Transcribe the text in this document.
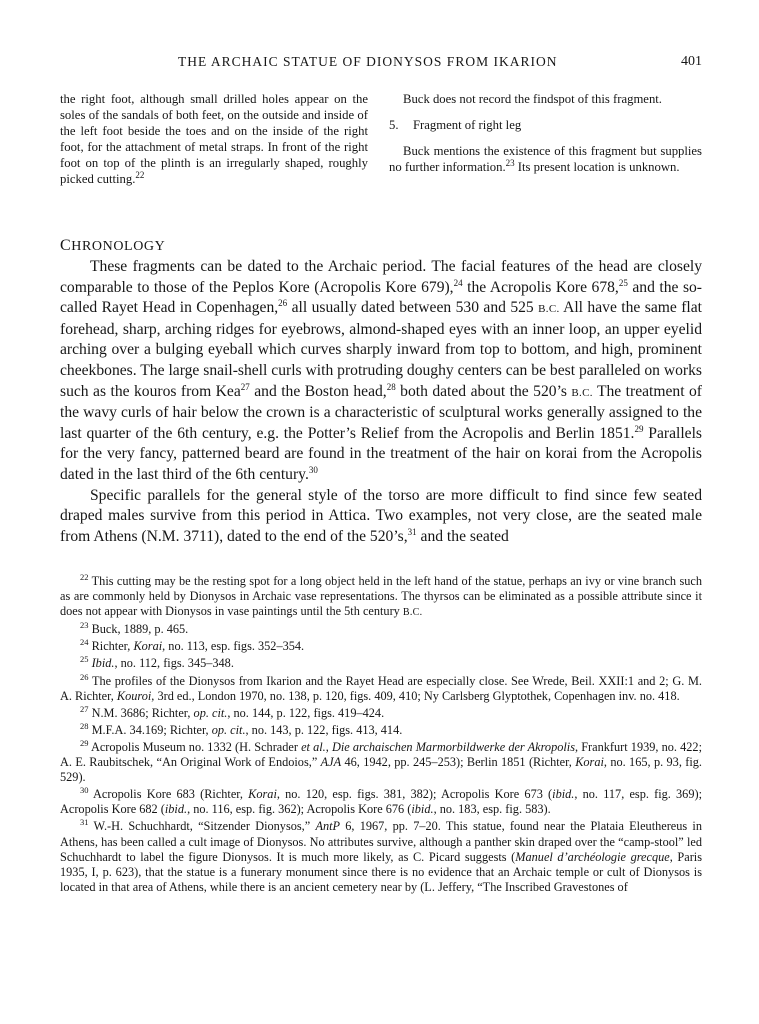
THE ARCHAIC STATUE OF DIONYSOS FROM IKARION	401

the right foot, although small drilled holes appear on the soles of the sandals of both feet, on the outside and inside of the left foot beside the toes and on the inside of the right foot, for the attachment of metal straps. In front of the right foot on top of the plinth is an irregularly shaped, roughly picked cutting.$^{22}$

Buck does not record the findspot of this fragment.

5. Fragment of right leg

Buck mentions the existence of this fragment but supplies no further information.$^{23}$ Its present location is unknown.

CHRONOLOGY

These fragments can be dated to the Archaic period. The facial features of the head are closely comparable to those of the Peplos Kore (Acropolis Kore 679),$^{24}$ the Acropolis Kore 678,25 and the so-called Rayet Head in Copenhagen,$^{26}$ all usually dated between 530 and 525 B.C. All have the same flat forehead, sharp, arching ridges for eyebrows, almond-shaped eyes with an inner loop, an upper eyelid arching over a bulging eyeball which curves sharply inward from top to bottom, and high, prominent cheekbones. The large snail-shell curls with protruding doughy centers can be best paralleled on works such as the kouros from Kea$^{27}$ and the Boston head,$^{28}$ both dated about the 520’s B.C. The treatment of the wavy curls of hair below the crown is a characteristic of sculptural works generally assigned to the last quarter of the 6th century, e.g. the Potter’s Relief from the Acropolis and Berlin 1851.29 Parallels for the very fancy, patterned beard are found in the treatment of the hair on korai from the Acropolis dated in the last third of the 6th century.$^{30}$

Specific parallels for the general style of the torso are more difficult to find since few seated draped males survive from this period in Attica. Two examples, not very close, are the seated male from Athens (N.M. 3711), dated to the end of the 520’s,$^{31}$ and the seated

$^{22}$ This cutting may be the resting spot for a long object held in the left hand of the statue, perhaps an ivy or vine branch such as are commonly held by Dionysos in Archaic vase representations. The thyrsos can be eliminated as a possible attribute since it does not appear with Dionysos in vase paintings until the 5th century B.C.

$^{23}$ Buck, 1889, p. 465.

$^{24}$ Richter, Korai, no. 113, esp. figs. 352–354.

$^{25}$ Ibid., no. 112, figs. 345–348.

$^{26}$ The profiles of the Dionysos from Ikarion and the Rayet Head are especially close. See Wrede, Beil. XXII:1 and 2; G. M. A. Richter, Kouroi, 3rd ed., London 1970, no. 138, p. 120, figs. 409, 410; Ny Carlsberg Glyptothek, Copenhagen inv. no. 418.

$^{27}$ N.M. 3686; Richter, op. cit., no. 144, p. 122, figs. 419–424.

$^{28}$ M.F.A. 34.169; Richter, op. cit., no. 143, p. 122, figs. 413, 414.

$^{29}$ Acropolis Museum no. 1332 (H. Schrader et al., Die archaischen Marmorbildwerke der Akropolis, Frankfurt 1939, no. 422; A. E. Raubitschek, “An Original Work of Endoios,” AJA 46, 1942, pp. 245–253); Berlin 1851 (Richter, Korai, no. 165, p. 93, fig. 529).

$^{30}$ Acropolis Kore 683 (Richter, Korai, no. 120, esp. figs. 381, 382); Acropolis Kore 673 (ibid., no. 117, esp. fig. 369); Acropolis Kore 682 (ibid., no. 116, esp. fig. 362); Acropolis Kore 676 (ibid., no. 183, esp. fig. 583).

$^{31}$ W.-H. Schuchhardt, “Sitzender Dionysos,” AntP 6, 1967, pp. 7–20. This statue, found near the Plataia Eleuthereus in Athens, has been called a cult image of Dionysos. No attributes survive, although a panther skin draped over the “camp-stool” led Schuchhardt to label the figure Dionysos. It is much more likely, as C. Picard suggests (Manuel d’archéologie grecque, Paris 1935, I, p. 623), that the statue is a funerary monument since there is no evidence that an Archaic temple or cult of Dionysos is located in that area of Athens, while there is an ancient cemetery near by (L. Jeffery, “The Inscribed Gravestones of
